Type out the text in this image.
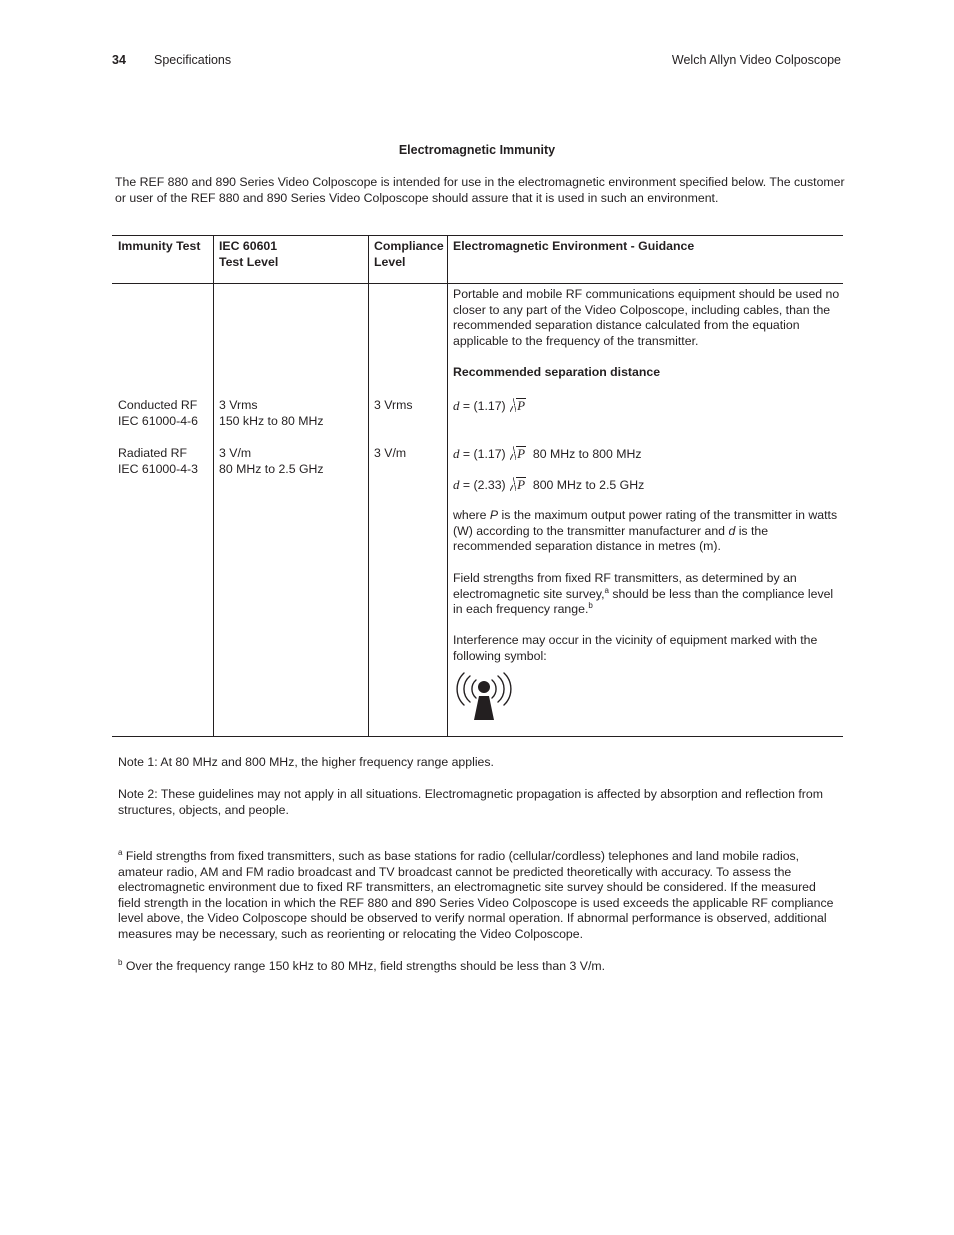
34 Specifications	Welch Allyn Video Colposcope
Electromagnetic Immunity
The REF 880 and 890 Series Video Colposcope is intended for use in the electromagnetic environment specified below. The customer or user of the REF 880 and 890 Series Video Colposcope should assure that it is used in such an environment.
Immunity Test IEC 60601
Test Level
Compliance
Level
Electromagnetic Environment - Guidance
Conducted RF
IEC 61000-4-6
3 Vrms
150 kHz to 80 MHz
3 Vrms
Radiated RF
IEC 61000-4-3
3 V/m
80 MHz to 2.5 GHz
3 V/m
Portable and mobile RF communications equipment should be used no closer to any part of the Video Colposcope, including cables, than the recommended separation distance calculated from the equation applicable to the frequency of the transmitter.
Recommended separation distance
d = (1.17) P
d = (1.17) P 80 MHz to 800 MHz
d = (2.33) P 800 MHz to 2.5 GHz
where P is the maximum output power rating of the transmitter in watts (W) according to the transmitter manufacturer and d is the recommended separation distance in metres (m).
Field strengths from fixed RF transmitters, as determined by an electromagnetic site survey,$^a$ should be less than the compliance level in each frequency range.$^b$
Interference may occur in the vicinity of equipment marked with the following symbol:
Note 1: At 80 MHz and 800 MHz, the higher frequency range applies.
Note 2: These guidelines may not apply in all situations. Electromagnetic propagation is affected by absorption and reflection from structures, objects, and people.
$^a$ Field strengths from fixed transmitters, such as base stations for radio (cellular/cordless) telephones and land mobile radios, amateur radio, AM and FM radio broadcast and TV broadcast cannot be predicted theoretically with accuracy. To assess the electromagnetic environment due to fixed RF transmitters, an electromagnetic site survey should be considered. If the measured field strength in the location in which the REF 880 and 890 Series Video Colposcope is used exceeds the applicable RF compliance level above, the Video Colposcope should be observed to verify normal operation. If abnormal performance is observed, additional measures may be necessary, such as reorienting or relocating the Video Colposcope.
$^b$ Over the frequency range 150 kHz to 80 MHz, field strengths should be less than 3 V/m.
